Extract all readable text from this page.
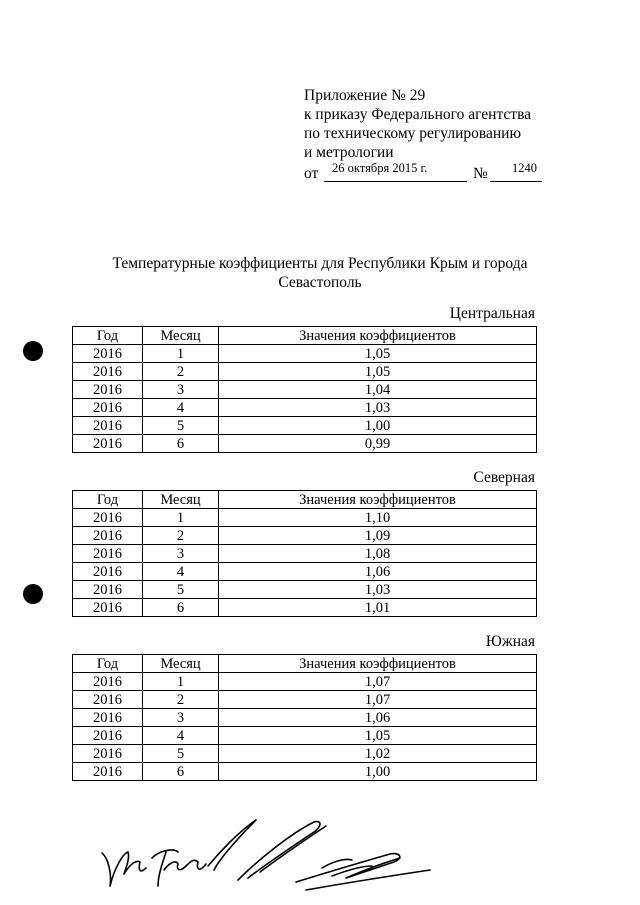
Приложение № 29
к приказу Федерального агентства
по техническому регулированию
и метрологии
от 26 октября 2015 г.	№ 1240
Температурные коэффициенты для Республики Крым и города Севастополь
Центральная
Год	Месяц	Значения коэффициентов
2016	1	1,05
2016	2	1,05
2016	3	1,04
2016	4	1,03
2016	5	1,00
2016	6	0,99
Северная
Год	Месяц	Значения коэффициентов
2016	1	1,10
2016	2	1,09
2016	3	1,08
2016	4	1,06
2016	5	1,03
2016	6	1,01
Южная
Год	Месяц	Значения коэффициентов
2016	1	1,07
2016	2	1,07
2016	3	1,06
2016	4	1,05
2016	5	1,02
2016	6	1,00
